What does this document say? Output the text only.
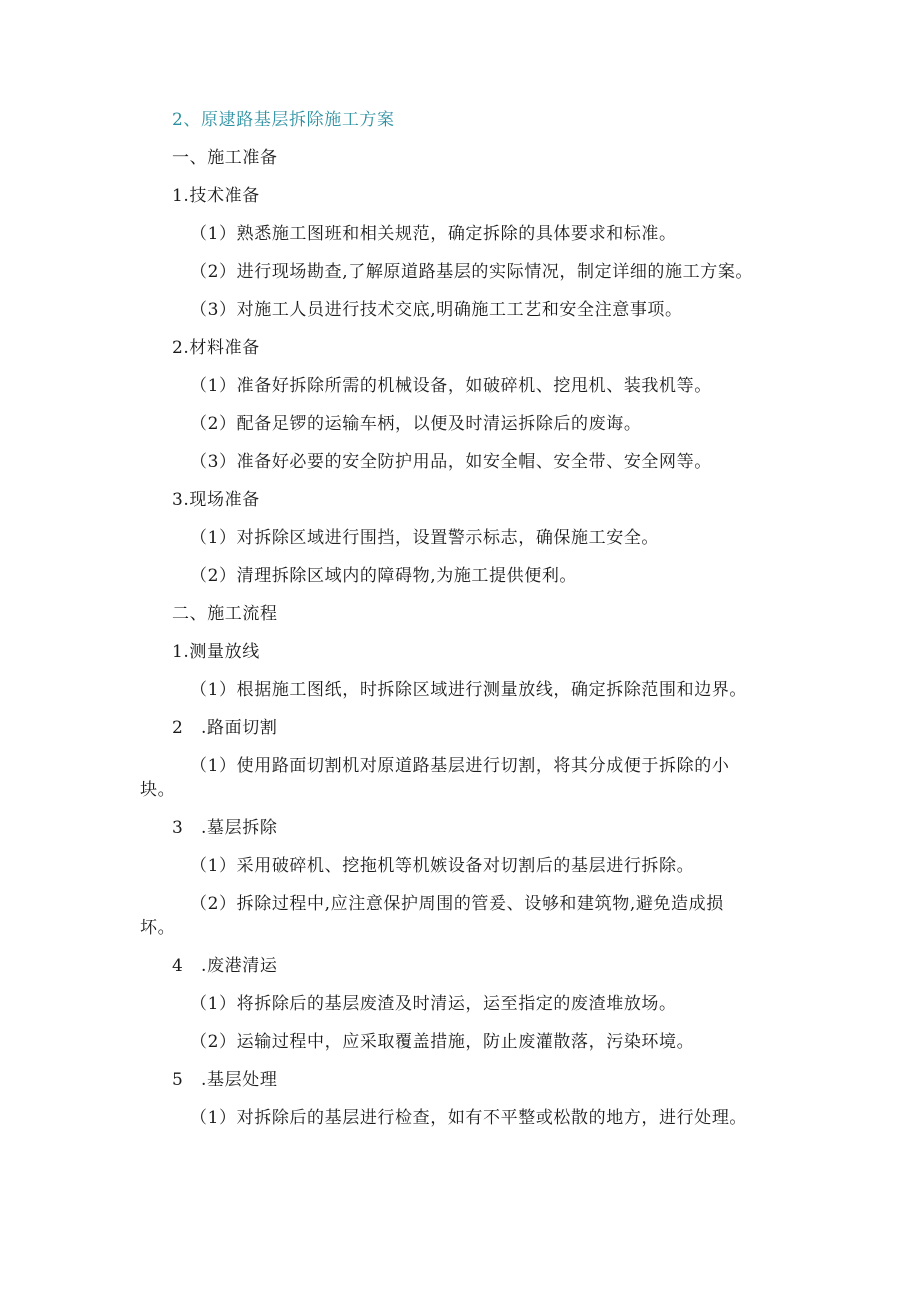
2、原逮路基层拆除施工方案
一、施工准备
1.技术准备
（1）熟悉施工图班和相关规范，确定拆除的具体要求和标准。
（2）进行现场勘查,了解原道路基层的实际情况，制定详细的施工方案。
（3）对施工人员进行技术交底,明确施工工艺和安全注意事项。
2.材料准备
（1）准备好拆除所需的机械设备，如破碎机、挖甩机、装我机等。
（2）配备足锣的运输车柄，以便及时清运拆除后的废诲。
（3）准备好必要的安全防护用品，如安全帽、安全带、安全网等。
3.现场准备
（1）对拆除区域进行围挡，设置警示标志，确保施工安全。
（2）清理拆除区域内的障碍物,为施工提供便利。
二、施工流程
1.测量放线
（1）根据施工图纸，时拆除区域进行测量放线，确定拆除范围和边界。
2　.路面切割
（1）使用路面切割机对原道路基层进行切割，将其分成便于拆除的小
块。
3　.墓层拆除
（1）采用破碎机、挖拖机等机嫉设备对切割后的基层进行拆除。
（2）拆除过程中,应注意保护周围的管爰、设够和建筑物,避免造成损
坏。
4　.废港清运
（1）将拆除后的基层废渣及时清运，运至指定的废渣堆放场。
（2）运输过程中，应采取覆盖措施，防止废灌散落，污染环境。
5　.基层处理
（1）对拆除后的基层进行检查，如有不平整或松散的地方，进行处理。
